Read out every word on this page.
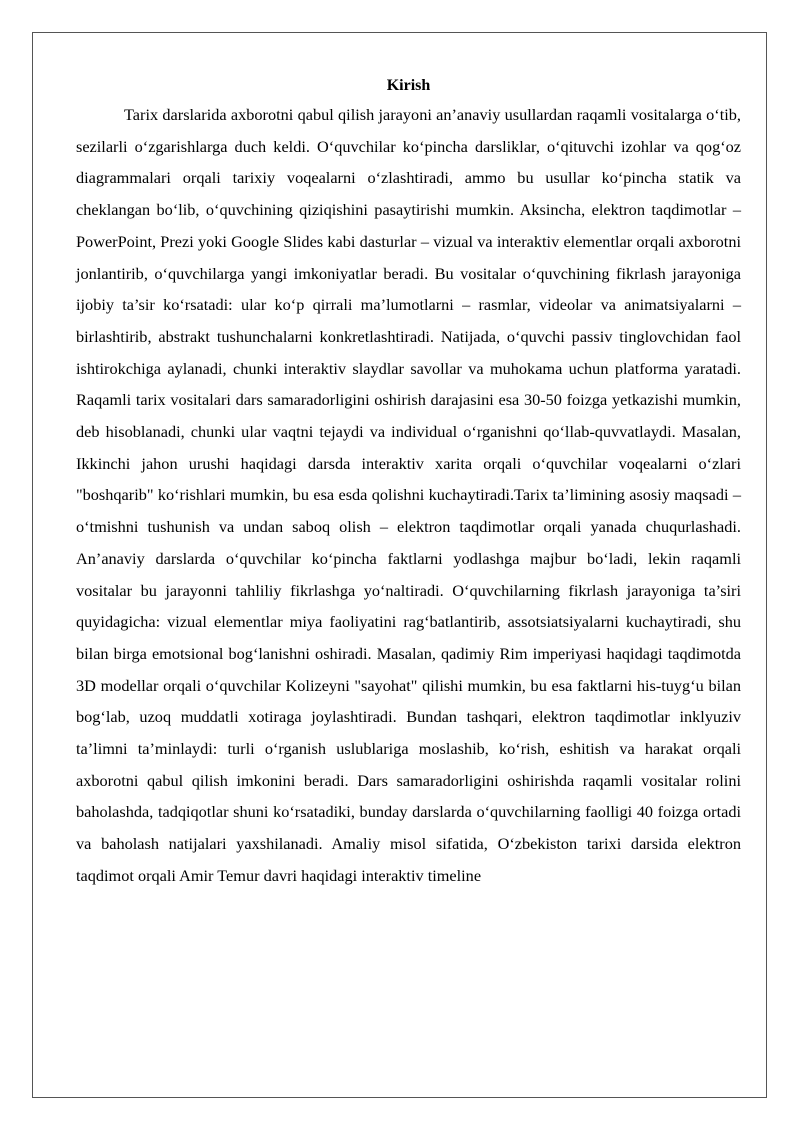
Kirish

Tarix darslarida axborotni qabul qilish jarayoni an’anaviy usullardan raqamli vositalarga o‘tib, sezilarli o‘zgarishlarga duch keldi. O‘quvchilar ko‘pincha darsliklar, o‘qituvchi izohlar va qog‘oz diagrammalari orqali tarixiy voqealarni o‘zlashtiradi, ammo bu usullar ko‘pincha statik va cheklangan bo‘lib, o‘quvchining qiziqishini pasaytirishi mumkin. Aksincha, elektron taqdimotlar – PowerPoint, Prezi yoki Google Slides kabi dasturlar – vizual va interaktiv elementlar orqali axborotni jonlantirib, o‘quvchilarga yangi imkoniyatlar beradi. Bu vositalar o‘quvchining fikrlash jarayoniga ijobiy ta’sir ko‘rsatadi: ular ko‘p qirrali ma’lumotlarni – rasmlar, videolar va animatsiyalarni – birlashtirib, abstrakt tushunchalarni konkretlashtiradi. Natijada, o‘quvchi passiv tinglovchidan faol ishtirokchiga aylanadi, chunki interaktiv slaydlar savollar va muhokama uchun platforma yaratadi. Raqamli tarix vositalari dars samaradorligini oshirish darajasini esa 30-50 foizga yetkazishi mumkin, deb hisoblanadi, chunki ular vaqtni tejaydi va individual o‘rganishni qo‘llab-quvvatlaydi. Masalan, Ikkinchi jahon urushi haqidagi darsda interaktiv xarita orqali o‘quvchilar voqealarni o‘zlari "boshqarib" ko‘rishlari mumkin, bu esa esda qolishni kuchaytiradi.Tarix ta’limining asosiy maqsadi – o‘tmishni tushunish va undan saboq olish – elektron taqdimotlar orqali yanada chuqurlashadi. An’anaviy darslarda o‘quvchilar ko‘pincha faktlarni yodlashga majbur bo‘ladi, lekin raqamli vositalar bu jarayonni tahliliy fikrlashga yo‘naltiradi. O‘quvchilarning fikrlash jarayoniga ta’siri quyidagicha: vizual elementlar miya faoliyatini rag‘batlantirib, assotsiatsiyalarni kuchaytiradi, shu bilan birga emotsional bog‘lanishni oshiradi. Masalan, qadimiy Rim imperiyasi haqidagi taqdimotda 3D modellar orqali o‘quvchilar Kolizeyni "sayohat" qilishi mumkin, bu esa faktlarni his-tuyg‘u bilan bog‘lab, uzoq muddatli xotiraga joylashtiradi. Bundan tashqari, elektron taqdimotlar inklyuziv ta’limni ta’minlaydi: turli o‘rganish uslublariga moslashib, ko‘rish, eshitish va harakat orqali axborotni qabul qilish imkonini beradi. Dars samaradorligini oshirishda raqamli vositalar rolini baholashda, tadqiqotlar shuni ko‘rsatadiki, bunday darslarda o‘quvchilarning faolligi 40 foizga ortadi va baholash natijalari yaxshilanadi. Amaliy misol sifatida, O‘zbekiston tarixi darsida elektron taqdimot orqali Amir Temur davri haqidagi interaktiv timeline
